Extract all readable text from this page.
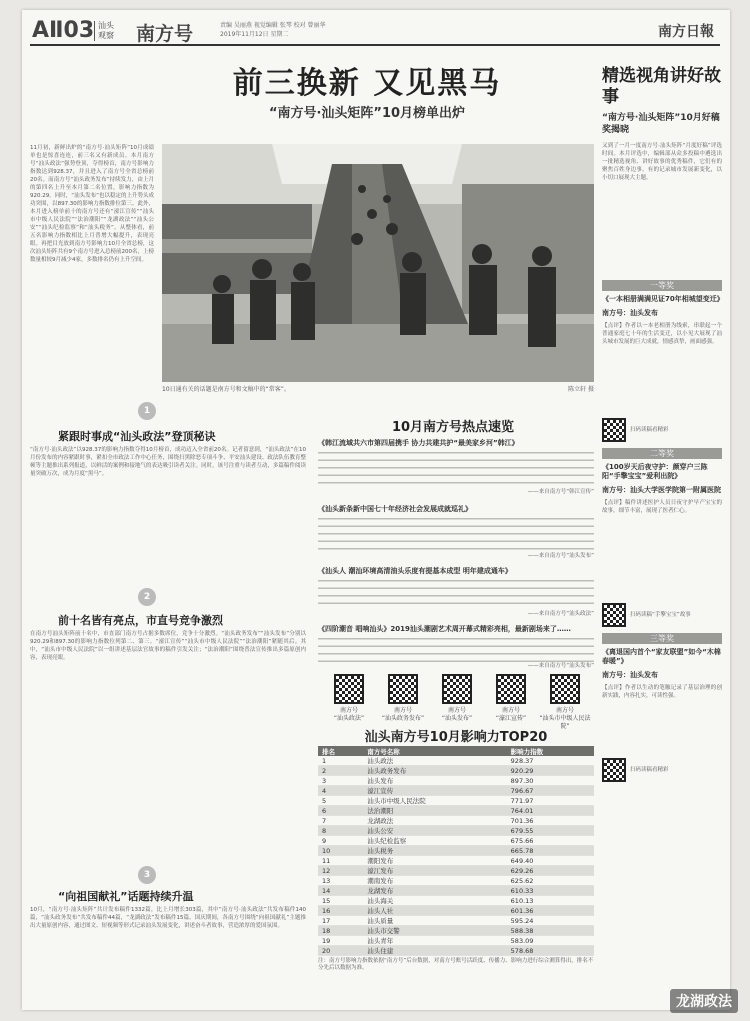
AⅡ03 汕头
观察 南方号	责编 吴丽燕 视觉编辑 张琴 校对 曾丽华
2019年11月12日 星期二	南方日報
前三换新 又见黑马
“南方号·汕头矩阵”10月榜单出炉
11月初，新鲜出炉的“南方号·汕头矩阵”10月成绩单也是惊喜连连，前三名又有新成员。本月南方号“汕头政法”强势登顶，夺得榜首，南方号影响力指数达到928.37，并且进入了南方号全省总榜前20名。而南方号“汕头政务发布”持续发力，由上月的第四名上升至本月第二名位置，影响力指数为920.29。同时，“汕头发布”也以稳定的上升势头成功突围，以897.30的影响力指数排位第三。此外，本月进入榜单前十的南方号还有“濠江宣传”“汕头市中级人民法院”“法治潮阳”“龙湖政法”“汕头公安”“汕头纪检监察”和“汕头税务”。从整体看，前五名影响力指数相比上月普增大幅提升，表现亮眼。再把目光放到南方号影响力10月全省总榜，这次汕头矩阵共有9个南方号进入总榜前200名，上榜数量相较9月减少4家，多数排名仍有上升空间。
10日通有关的话题是南方号和文稿中的“常客”。	陈立轩 摄
1
紧跟时事成“汕头政法”登顶秘诀
“南方号·汕头政法”以928.37的影响力指数夺得10月榜首，成功迈入全省前20名。记者留意到，“汕头政法”在10月份发布的内容紧跟时事，紧扣全市政法工作中心任务，围绕扫黑除恶专项斗争、平安汕头建设、政法队伍教育整顿等主题推出系列报道，以鲜活的案例和接地气的表达吸引读者关注。同时，该号注重与读者互动，多篇稿件阅读量突破万次，成为月度“黑马”。
2
前十名皆有亮点，市直号竞争激烈
在南方号汕头矩阵前十名中，市直部门南方号占据多数席位，竞争十分激烈。“汕头政务发布”“汕头发布”分别以920.29和897.30的影响力指数位列第二、第三。“濠江宣传”“汕头市中级人民法院”“法治潮阳”紧随其后。其中，“汕头市中级人民法院”以一组讲述基层法官故事的稿件引发关注；“法治潮阳”围绕普法宣传推出多篇原创内容，表现亮眼。
3
“向祖国献礼”话题持续升温
10月，“南方号·汕头矩阵”共计发布稿件1332篇，比上月增长303篇，其中“南方号·汕头政法”共发布稿件140篇，“汕头政务发布”共发布稿件44篇，“龙湖政法”发布稿件15篇。国庆期间，各南方号围绕“向祖国献礼”主题推出大量原创内容，通过图文、短视频等形式记录汕头发展变化，讲述奋斗者故事，营造浓厚的爱国氛围。
10月南方号热点速览
《韩江流域共六市第四届携手 协力共建共护“最美家乡河”韩江》
——来自南方号“韩江宣传”
《汕头新条新中国七十年经济社会发展成就巡礼》
——来自南方号“汕头发布”
《汕头人 潮汕环境高清油头乐度有提基本成型 明年建成通车》
——来自南方号“汕头政法”
《四阶潮音 唱响汕头》2019汕头潮剧艺术周开幕式精彩亮相，最新剧场来了……
——来自南方号“汕头发布”
南方号
“汕头政法”
南方号
“汕头政务发布”
南方号
“汕头发布”
南方号
“濠江宣传”
南方号
“汕头市中级人民法院”
汕头南方号10月影响力TOP20
排名	南方号名称	影响力指数
1	汕头政法	928.37
2	汕头政务发布	920.29
3	汕头发布	897.30
4	濠江宣传	796.67
5	汕头市中级人民法院	771.97
6	法治潮阳	764.01
7	龙湖政法	701.36
8	汕头公安	679.55
9	汕头纪检监察	675.66
10	汕头税务	665.78
11	潮阳发布	649.40
12	濠江发布	629.26
13	潮南发布	625.62
14	龙湖发布	610.33
15	汕头海关	610.13
16	汕头人社	601.36
17	汕头质量	595.24
18	汕头市交警	588.38
19	汕头青年	583.09
20	汕头住建	578.68
注：南方号影响力指数依据“南方号”后台数据，对南方号账号活跃度、传播力、影响力进行综合测算得出，排名不分先后以数据为准。
精选视角讲好故事
“南方号·汕头矩阵”10月好稿奖揭晓
又到了一月一度南方号·汕头矩阵“月度好稿”评选时间。本月评选中，编辑部从众多投稿中遴选出一批精选视角、讲好故事的优秀稿件，它们有的聚焦百姓身边事，有的记录城市发展新变化，以小切口展现大主题。
一等奖
《一本相册满满见证70年相城望变迁》
南方号：汕头发布
【点评】作者以一本老相册为线索，串联起一个普通家庭七十年的生活变迁，以小见大展现了汕头城市发展的巨大成就，情感真挚，画面感强。
扫码读稿看精彩
二等奖
《100岁天后夜守护：颜穿户三陈阳“手擎宝宝”爱利出院》
南方号：汕头大学医学院第一附属医院
【点评】稿件讲述医护人员日夜守护早产宝宝的故事，细节丰富，展现了医者仁心。
扫码读稿“手擎宝宝”故事
三等奖
《离退国内首个“家友联盟”如今“木棉春暖”》
南方号：汕头发布
【点评】作者以生动的笔触记录了基层治理的创新实践，内容扎实，可读性强。
扫码读稿看精彩
龙湖政法
